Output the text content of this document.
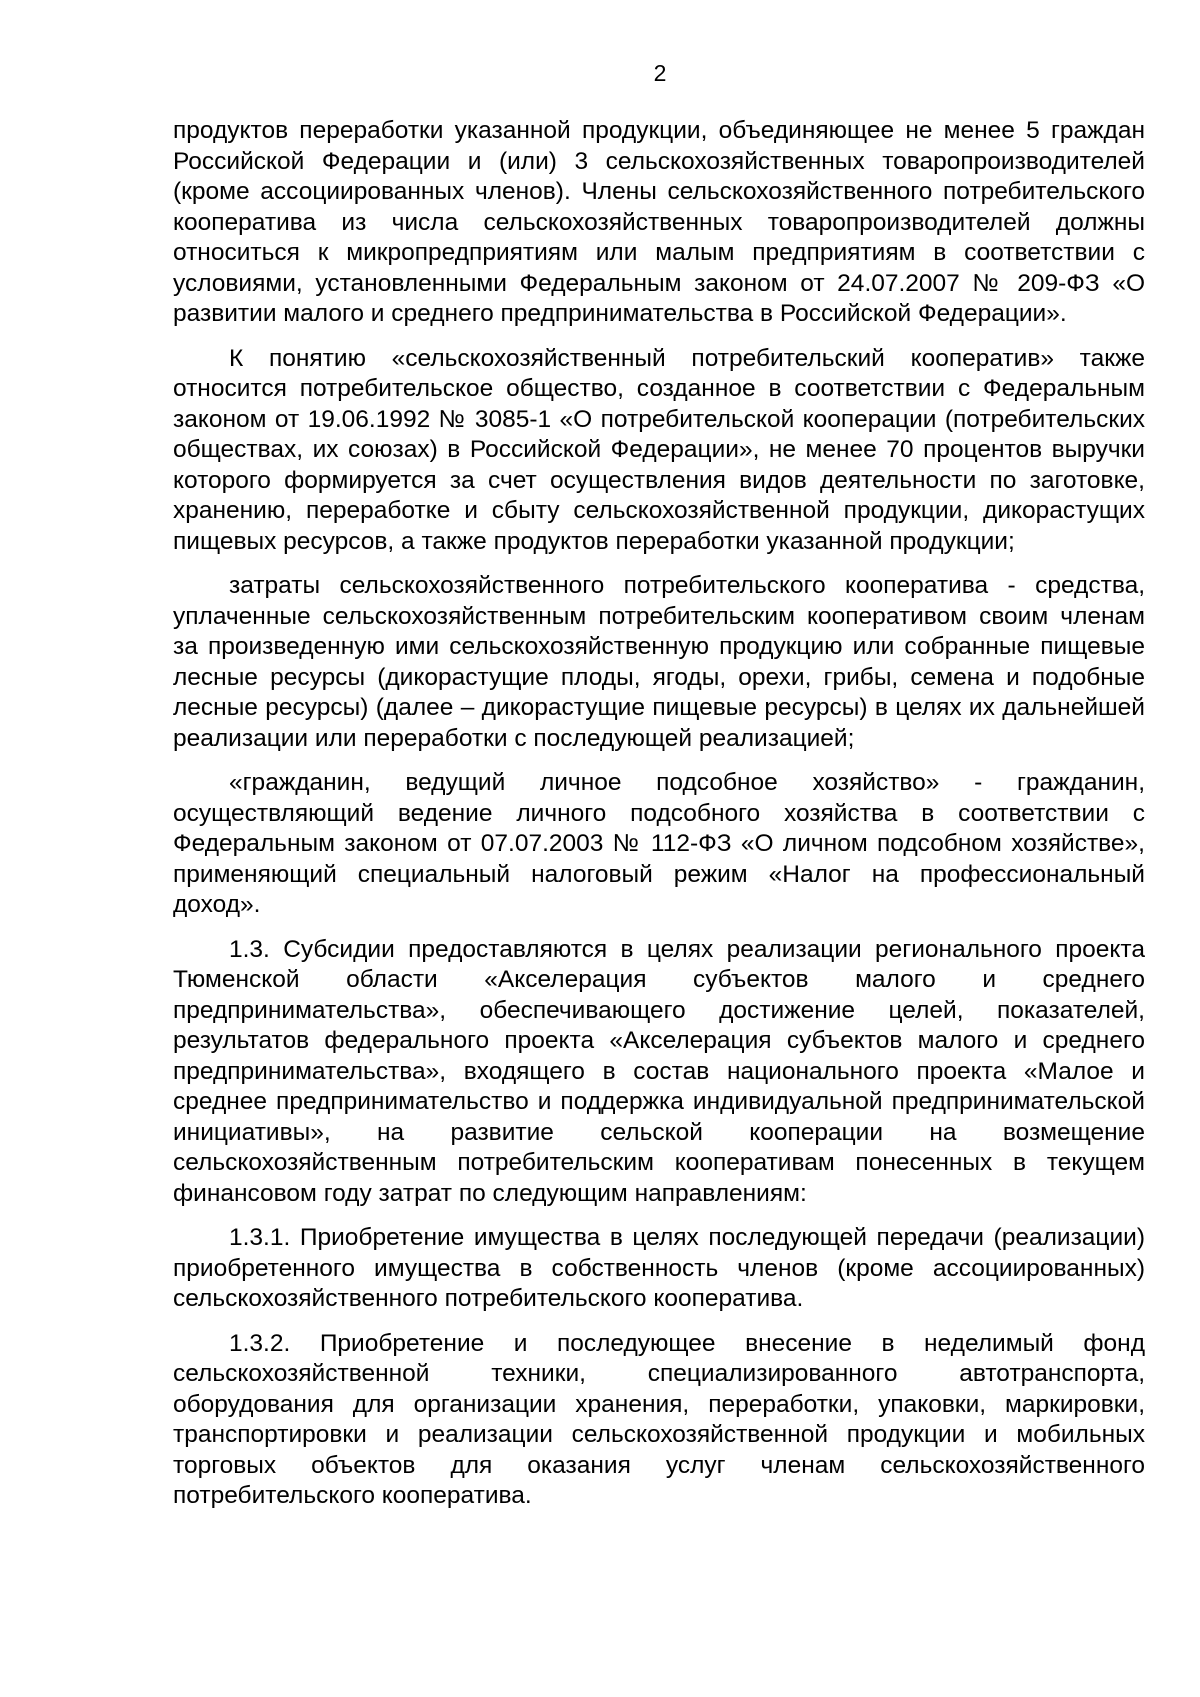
2

продуктов переработки указанной продукции, объединяющее не менее 5 граждан Российской Федерации и (или) 3 сельскохозяйственных товаропроизводителей (кроме ассоциированных членов). Члены сельскохозяйственного потребительского кооператива из числа сельскохозяйственных товаропроизводителей должны относиться к микропредприятиям или малым предприятиям в соответствии с условиями, установленными Федеральным законом от 24.07.2007 № 209-ФЗ «О развитии малого и среднего предпринимательства в Российской Федерации».

К понятию «сельскохозяйственный потребительский кооператив» также относится потребительское общество, созданное в соответствии с Федеральным законом от 19.06.1992 № 3085-1 «О потребительской кооперации (потребительских обществах, их союзах) в Российской Федерации», не менее 70 процентов выручки которого формируется за счет осуществления видов деятельности по заготовке, хранению, переработке и сбыту сельскохозяйственной продукции, дикорастущих пищевых ресурсов, а также продуктов переработки указанной продукции;

затраты сельскохозяйственного потребительского кооператива - средства, уплаченные сельскохозяйственным потребительским кооперативом своим членам за произведенную ими сельскохозяйственную продукцию или собранные пищевые лесные ресурсы (дикорастущие плоды, ягоды, орехи, грибы, семена и подобные лесные ресурсы) (далее – дикорастущие пищевые ресурсы) в целях их дальнейшей реализации или переработки с последующей реализацией;

«гражданин, ведущий личное подсобное хозяйство» - гражданин, осуществляющий ведение личного подсобного хозяйства в соответствии с Федеральным законом от 07.07.2003 № 112-ФЗ «О личном подсобном хозяйстве», применяющий специальный налоговый режим «Налог на профессиональный доход».

1.3. Субсидии предоставляются в целях реализации регионального проекта Тюменской области «Акселерация субъектов малого и среднего предпринимательства», обеспечивающего достижение целей, показателей, результатов федерального проекта «Акселерация субъектов малого и среднего предпринимательства», входящего в состав национального проекта «Малое и среднее предпринимательство и поддержка индивидуальной предпринимательской инициативы», на развитие сельской кооперации на возмещение сельскохозяйственным потребительским кооперативам понесенных в текущем финансовом году затрат по следующим направлениям:

1.3.1. Приобретение имущества в целях последующей передачи (реализации) приобретенного имущества в собственность членов (кроме ассоциированных) сельскохозяйственного потребительского кооператива.

1.3.2. Приобретение и последующее внесение в неделимый фонд сельскохозяйственной техники, специализированного автотранспорта, оборудования для организации хранения, переработки, упаковки, маркировки, транспортировки и реализации сельскохозяйственной продукции и мобильных торговых объектов для оказания услуг членам сельскохозяйственного потребительского кооператива.
